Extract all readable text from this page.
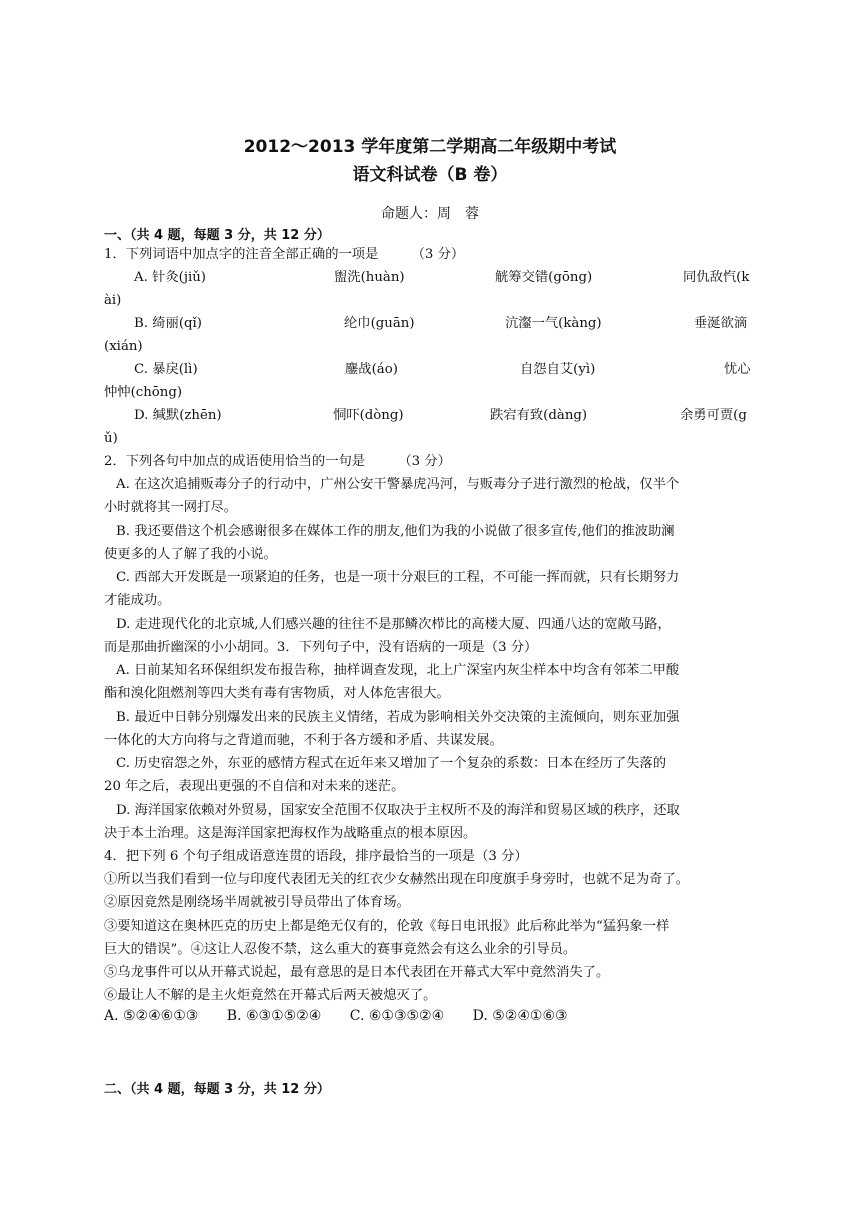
2012～2013 学年度第二学期高二年级期中考试
语文科试卷（B 卷）
命题人：周　蓉
一、（共 4 题，每题 3 分，共 12 分）
1．下列词语中加点字的注音全部正确的一项是　　　（3 分）
A. 针灸(jiǔ)	盥洗(huàn)	觥筹交错(gōng)	同仇敌忾(k
ài)
B. 绮丽(qǐ)	纶巾(guān)	沆瀣一气(kàng)	垂涎欲滴
(xián)
C. 暴戾(lì)	鏖战(áo)	自怨自艾(yì)	忧心
忡忡(chōng)
D. 缄默(zhēn)	恫吓(dòng)	跌宕有致(dàng)	余勇可贾(g
ǔ)
2．下列各句中加点的成语使用恰当的一句是　　　（3 分）
A. 在这次追捕贩毒分子的行动中，广州公安干警暴虎冯河，与贩毒分子进行激烈的枪战，仅半个
小时就将其一网打尽。
B. 我还要借这个机会感谢很多在媒体工作的朋友,他们为我的小说做了很多宣传,他们的推波助澜
使更多的人了解了我的小说。
C. 西部大开发既是一项紧迫的任务，也是一项十分艰巨的工程，不可能一挥而就，只有长期努力
才能成功。
D. 走进现代化的北京城,人们感兴趣的往往不是那鳞次栉比的高楼大厦、四通八达的宽敞马路，
而是那曲折幽深的小小胡同。3．下列句子中，没有语病的一项是（3 分）
A. 日前某知名环保组织发布报告称，抽样调查发现，北上广深室内灰尘样本中均含有邻苯二甲酸
酯和溴化阻燃剂等四大类有毒有害物质，对人体危害很大。
B. 最近中日韩分别爆发出来的民族主义情绪，若成为影响相关外交决策的主流倾向，则东亚加强
一体化的大方向将与之背道而驰，不利于各方缓和矛盾、共谋发展。
C. 历史宿怨之外，东亚的感情方程式在近年来又增加了一个复杂的系数：日本在经历了失落的
20 年之后，表现出更强的不自信和对未来的迷茫。
D. 海洋国家依赖对外贸易，国家安全范围不仅取决于主权所不及的海洋和贸易区域的秩序，还取
决于本土治理。这是海洋国家把海权作为战略重点的根本原因。
4．把下列 6 个句子组成语意连贯的语段，排序最恰当的一项是（3 分）
①所以当我们看到一位与印度代表团无关的红衣少女赫然出现在印度旗手身旁时，也就不足为奇了。
②原因竟然是刚绕场半周就被引导员带出了体育场。
③要知道这在奥林匹克的历史上都是绝无仅有的，伦敦《每日电讯报》此后称此举为“猛犸象一样
巨大的错误”。④这让人忍俊不禁，这么重大的赛事竟然会有这么业余的引导员。
⑤乌龙事件可以从开幕式说起，最有意思的是日本代表团在开幕式大军中竟然消失了。
⑥最让人不解的是主火炬竟然在开幕式后两天被熄灭了。
A. ⑤②④⑥①③ B. ⑥③①⑤②④ C. ⑥①③⑤②④ D. ⑤②④①⑥③
二、（共 4 题，每题 3 分，共 12 分）
